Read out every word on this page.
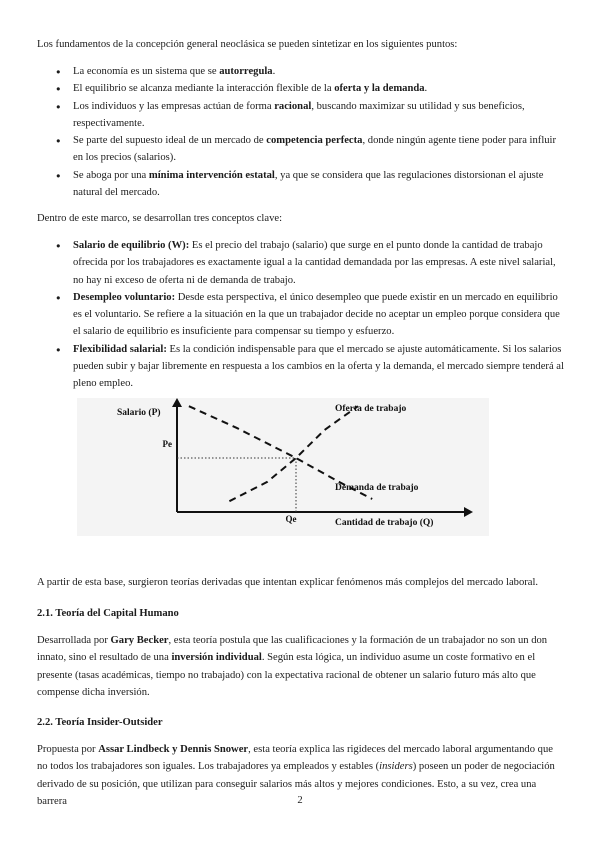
Los fundamentos de la concepción general neoclásica se pueden sintetizar en los siguientes puntos:

● La economía es un sistema que se autorregula.
● El equilibrio se alcanza mediante la interacción flexible de la oferta y la demanda.
● Los individuos y las empresas actúan de forma racional, buscando maximizar su utilidad y sus beneficios, respectivamente.
● Se parte del supuesto ideal de un mercado de competencia perfecta, donde ningún agente tiene poder para influir en los precios (salarios).
● Se aboga por una mínima intervención estatal, ya que se considera que las regulaciones distorsionan el ajuste natural del mercado.

Dentro de este marco, se desarrollan tres conceptos clave:

● Salario de equilibrio (W): Es el precio del trabajo (salario) que surge en el punto donde la cantidad de trabajo ofrecida por los trabajadores es exactamente igual a la cantidad demandada por las empresas. A este nivel salarial, no hay ni exceso de oferta ni de demanda de trabajo.
● Desempleo voluntario: Desde esta perspectiva, el único desempleo que puede existir en un mercado en equilibrio es el voluntario. Se refiere a la situación en la que un trabajador decide no aceptar un empleo porque considera que el salario de equilibrio es insuficiente para compensar su tiempo y esfuerzo.
● Flexibilidad salarial: Es la condición indispensable para que el mercado se ajuste automáticamente. Si los salarios pueden subir y bajar libremente en respuesta a los cambios en la oferta y la demanda, el mercado siempre tenderá al pleno empleo.

A partir de esta base, surgieron teorías derivadas que intentan explicar fenómenos más complejos del mercado laboral.

2.1. Teoría del Capital Humano

Desarrollada por Gary Becker, esta teoría postula que las cualificaciones y la formación de un trabajador no son un don innato, sino el resultado de una inversión individual. Según esta lógica, un individuo asume un coste formativo en el presente (tasas académicas, tiempo no trabajado) con la expectativa racional de obtener un salario futuro más alto que compense dicha inversión.

2.2. Teoría Insider-Outsider

Propuesta por Assar Lindbeck y Dennis Snower, esta teoría explica las rigideces del mercado laboral argumentando que no todos los trabajadores son iguales. Los trabajadores ya empleados y estables (insiders) poseen un poder de negociación derivado de su posición, que utilizan para conseguir salarios más altos y mejores condiciones. Esto, a su vez, crea una barrera

Salario (P)
Cantidad de trabajo (Q)
Pe
Qe
Oferta de trabajo
Demanda de trabajo
2
